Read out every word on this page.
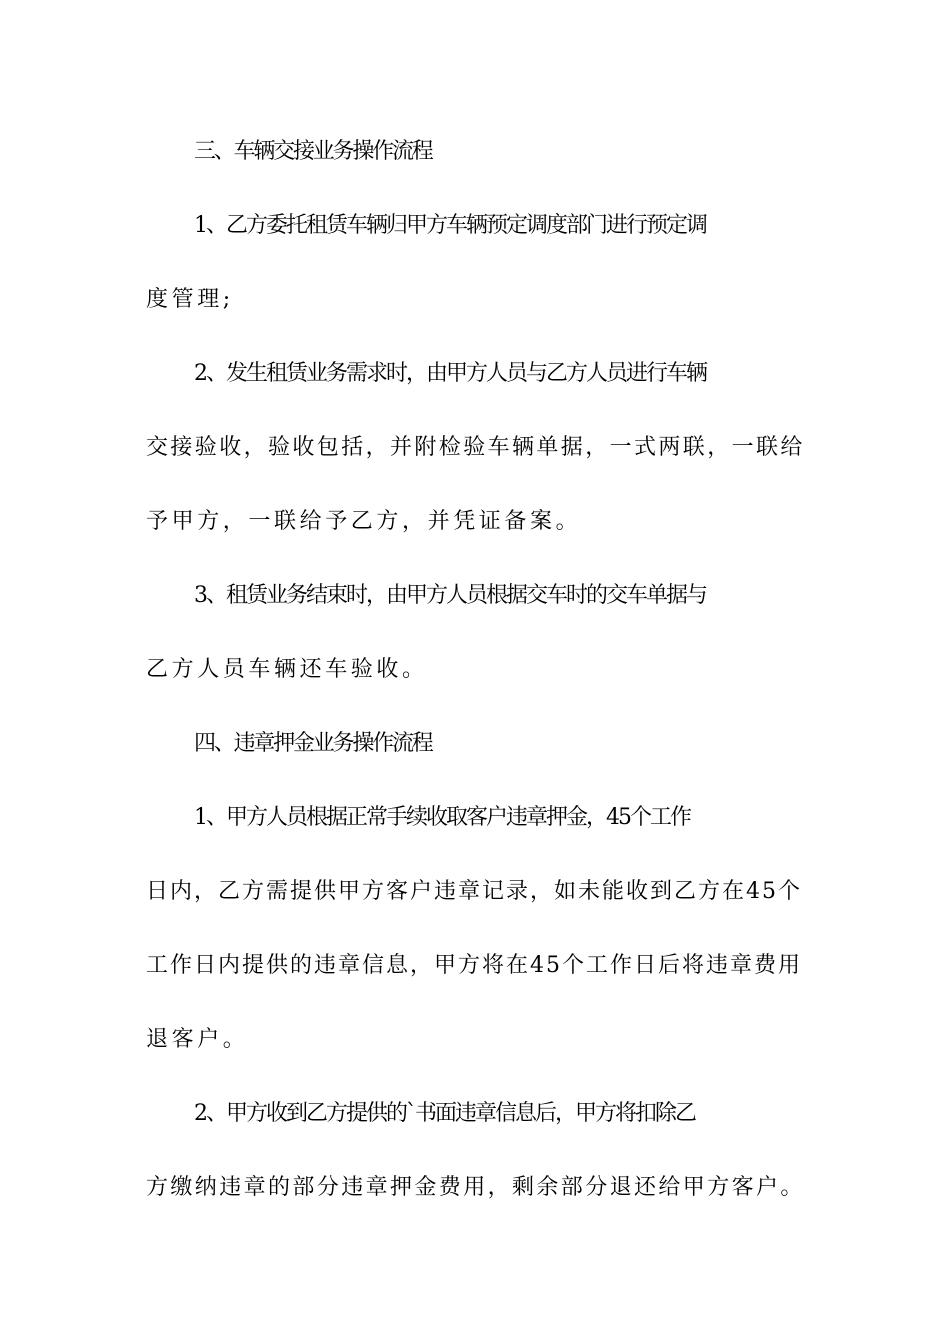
三、车辆交接业务操作流程
1、乙方委托租赁车辆归甲方车辆预定调度部门进行预定调
度管理;
2、发生租赁业务需求时，由甲方人员与乙方人员进行车辆
交接验收，验收包括，并附检验车辆单据，一式两联，一联给
予甲方，一联给予乙方，并凭证备案。
3、租赁业务结束时，由甲方人员根据交车时的交车单据与
乙方人员车辆还车验收。
四、违章押金业务操作流程
1、甲方人员根据正常手续收取客户违章押金，45个工作
日内，乙方需提供甲方客户违章记录，如未能收到乙方在45个
工作日内提供的违章信息，甲方将在45个工作日后将违章费用
退客户。
2、甲方收到乙方提供的`书面违章信息后，甲方将扣除乙
方缴纳违章的部分违章押金费用，剩余部分退还给甲方客户。
